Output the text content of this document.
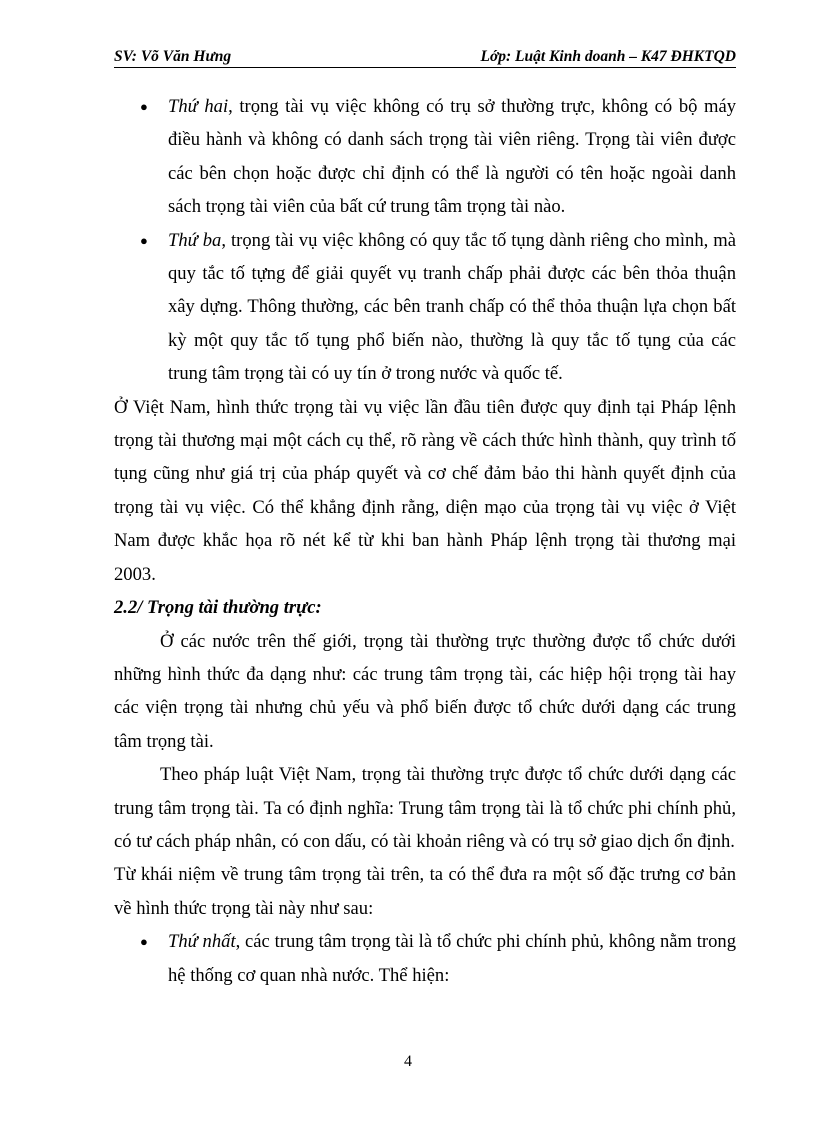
SV: Võ Văn Hưng	Lớp: Luật Kinh doanh – K47 ĐHKTQD
● Thứ hai, trọng tài vụ việc không có trụ sở thường trực, không có bộ máy điều hành và không có danh sách trọng tài viên riêng. Trọng tài viên được các bên chọn hoặc được chỉ định có thể là người có tên hoặc ngoài danh sách trọng tài viên của bất cứ trung tâm trọng tài nào.

● Thứ ba, trọng tài vụ việc không có quy tắc tố tụng dành riêng cho mình, mà quy tắc tố tựng để giải quyết vụ tranh chấp phải được các bên thỏa thuận xây dựng. Thông thường, các bên tranh chấp có thể thỏa thuận lựa chọn bất kỳ một quy tắc tố tụng phổ biến nào, thường là quy tắc tố tụng của các trung tâm trọng tài có uy tín ở trong nước và quốc tế.

Ở Việt Nam, hình thức trọng tài vụ việc lần đầu tiên được quy định tại Pháp lệnh trọng tài thương mại một cách cụ thể, rõ ràng về cách thức hình thành, quy trình tố tụng cũng như giá trị của pháp quyết và cơ chế đảm bảo thi hành quyết định của trọng tài vụ việc. Có thể khẳng định rằng, diện mạo của trọng tài vụ việc ở Việt Nam được khắc họa rõ nét kể từ khi ban hành Pháp lệnh trọng tài thương mại 2003.

2.2/ Trọng tài thường trực:

Ở các nước trên thế giới, trọng tài thường trực thường được tổ chức dưới những hình thức đa dạng như: các trung tâm trọng tài, các hiệp hội trọng tài hay các viện trọng tài nhưng chủ yếu và phổ biến được tổ chức dưới dạng các trung tâm trọng tài.

Theo pháp luật Việt Nam, trọng tài thường trực được tổ chức dưới dạng các trung tâm trọng tài. Ta có định nghĩa: Trung tâm trọng tài là tổ chức phi chính phủ, có tư cách pháp nhân, có con dấu, có tài khoản riêng và có trụ sở giao dịch ổn định.

Từ khái niệm về trung tâm trọng tài trên, ta có thể đưa ra một số đặc trưng cơ bản về hình thức trọng tài này như sau:

● Thứ nhất, các trung tâm trọng tài là tổ chức phi chính phủ, không nằm trong hệ thống cơ quan nhà nước. Thể hiện:

4
